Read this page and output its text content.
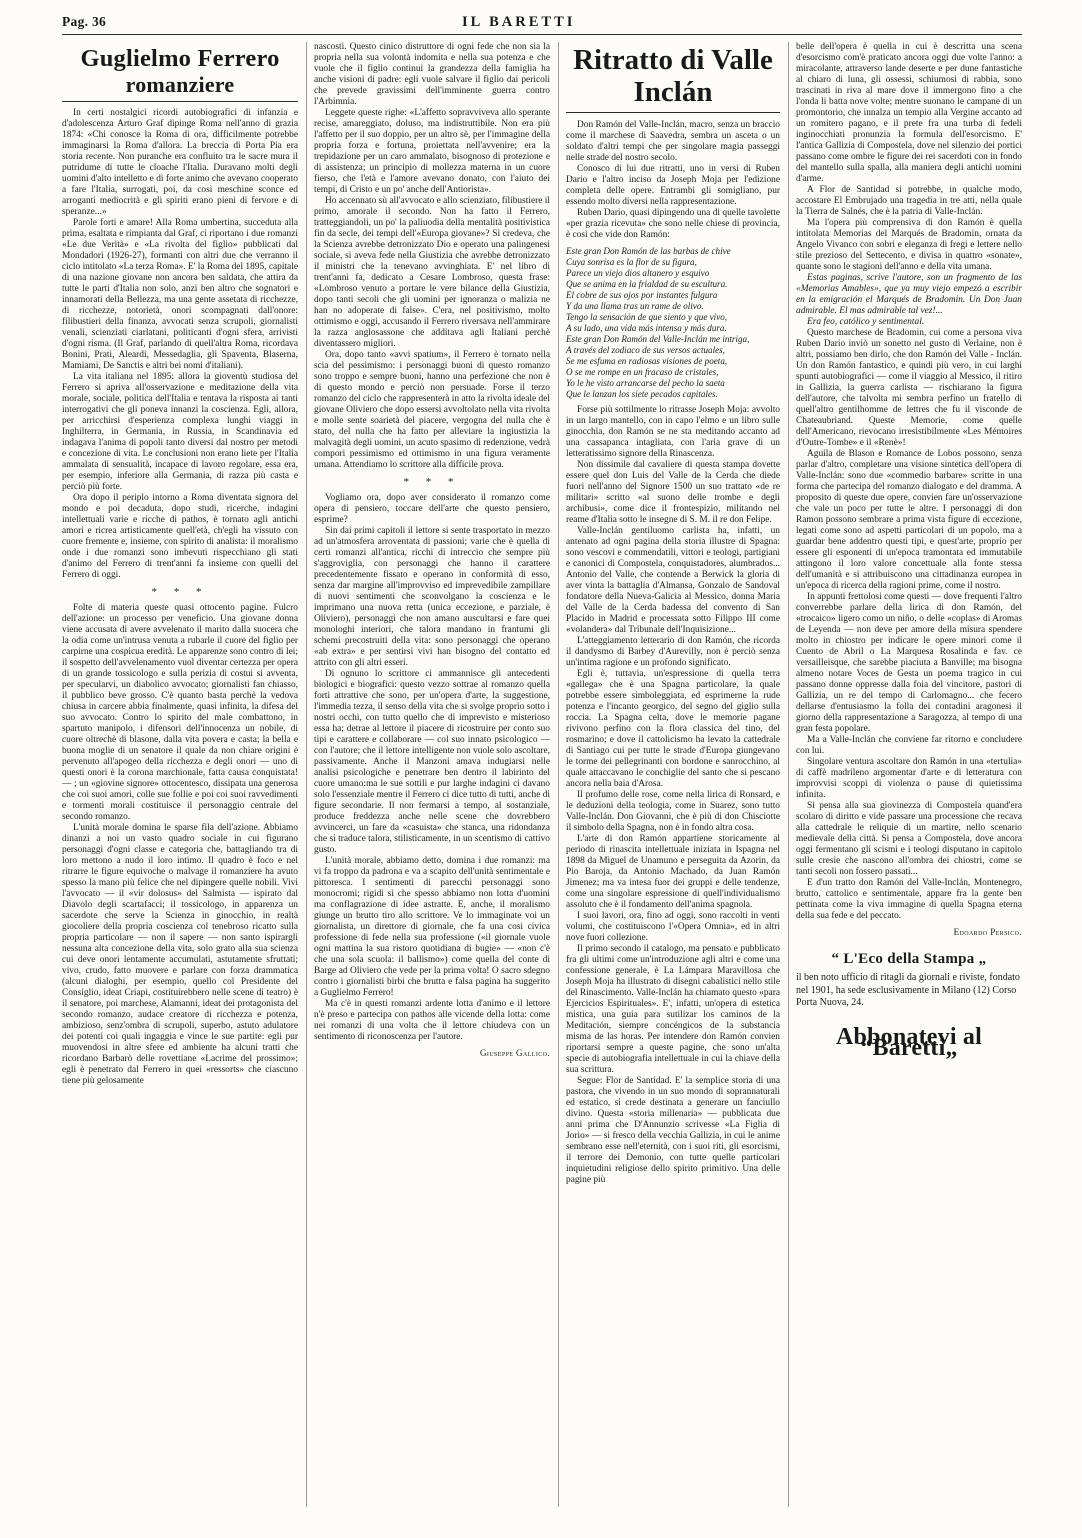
Pag. 36	IL BARETTI
Guglielmo Ferrero
romanziere

In certi nostalgici ricordi autobiografici di infanzia e d'adolescenza Arturo Graf dipinge Roma nell'anno di grazia 1874: «Chi conosce la Roma di ora, difficilmente potrebbe immaginarsi la Roma d'allora. La breccia di Porta Pia era storia recente. Non puranche era confluito tra le sacre mura il putridume di tutte le cloache l'Italia. Duravano molti degli uomini d'alto intelletto e di forte animo che avevano cooperato a fare l'Italia, surrogati, poi, da così meschine sconce ed arroganti mediocrità e gli spiriti erano pieni di fervore e di speranze...»

Parole forti e amare! Alla Roma umbertina, succeduta alla prima, esaltata e rimpianta dal Graf, ci riportano i due romanzi «Le due Verità» e «La rivolta del figlio» pubblicati dal Mondadori (1926-27), formanti con altri due che verranno il ciclo intitolato «La terza Roma». E' la Roma del 1895, capitale di una nazione giovane non ancora ben saldata, che attira da tutte le parti d'Italia non solo, anzi ben altro che sognatori e innamorati della Bellezza, ma una gente assetata di ricchezze, di ricchezze, notorietà, onori scompagnati dall'onore: filibustieri della finanza, avvocati senza scrupoli, giornalisti venali, scienziati ciarlatani, politicanti d'ogni sfera, arrivisti d'ogni risma. (Il Graf, parlando di quell'altra Roma, ricordava Bonini, Prati, Aleardi, Messedaglia, gli Spaventa, Blaserna, Mamiami, De Sanctis e altri bei nomi d'italiani).

La vita italiana nel 1895: allora la gioventù studiosa del Ferrero si apriva all'osservazione e meditazione della vita morale, sociale, politica dell'Italia e tentava la risposta ai tanti interrogativi che gli poneva innanzi la coscienza. Egli, allora, per arricchirsi d'esperienza complexa lunghi viaggi in Inghilterra, in Germania, in Russia, in Scandinavia ed indagava l'anima di popoli tanto diversi dal nostro per metodi e concezione di vita. Le conclusioni non erano liete per l'Italia ammalata di sensualità, incapace di lavoro regolare, essa era, per esempio, inferiore alla Germania, di razza più casta e perciò più forte.

Ora dopo il periplo intorno a Roma diventata signora del mondo e poi decaduta, dopo studi, ricerche, indagini intellettuali varie e ricche di pathos, è tornato agli antichi amori e ricrea artisticamente quell'età, ch'egli ha vissuto con cuore fremente e, insieme, con spirito di analista: il moralismo onde i due romanzi sono imbevuti rispecchiano gli stati d'animo del Ferrero di trent'anni fa insieme con quelli del Ferrero di oggi.

* * *

Folte di materia queste quasi ottocento pagine. Fulcro dell'azione: un processo per veneficio. Una giovane donna viene accusata di avere avvelenato il marito dalla suocera che la odia come un'intrusa venuta a rubarle il cuore del figlio per carpirne una cospicua eredità. Le apparenze sono contro di lei; il sospetto dell'avvelenamento vuol diventar certezza per opera di un grande tossicologo e sulla perizia di costui si avventa, per specularvi, un diabolico avvocato; giornalisti fan chiasso, il pubblico beve grosso. C'è quanto basta perchè la vedova chiusa in carcere abbia finalmente, quasi infinita, la difesa del suo avvocato. Contro lo spirito del male combattono, in spartuto manipolo, i difensori dell'innocenza un nobile, di cuore oltrechè di blasone, dalla vita povera e casta; la bella e buona moglie di un senatore il quale da non chiare origini è pervenuto all'apogeo della ricchezza e degli onori — uno di questi onori è la corona marchionale, fatta causa conquistata! — ; un «giovine signore» ottocentesco, dissipata una generosa che coi suoi amori, colle sue follie e poi coi suoi ravvedimenti e tormenti morali costituisce il personaggio centrale del secondo romanzo.

L'unità morale domina le sparse fila dell'azione. Abbiamo dinanzi a noi un vasto quadro sociale in cui figurano personaggi d'ogni classe e categoria che, battagliando tra di loro mettono a nudo il loro intimo. Il quadro è foco e nel ritrarre le figure equivoche o malvage il romanziere ha avuto spesso la mano più felice che nel dipingere quelle nobili. Vivi l'avvocato — il «vir dolosus» del Salmista — ispirato dal Diavolo degli scartafacci; il tossicologo, in apparenza un sacerdote che serve la Scienza in ginocchio, in realtà giocoliere della propria coscienza col tenebroso ricatto sulla propria particolare — non il sapere — non santo ispirargli nessuna alta concezione della vita, solo grato alla sua scienza cui deve onori lentamente accumulati, astutamente sfruttati; vivo, crudo, fatto muovere e parlare con forza drammatica (alcuni dialoghi, per esempio, quello col Presidente del Consiglio, ideat Criapi, costituirebbero nelle scene di teatro) è il senatore, poi marchese, Alamanni, ideat dei protagonista del secondo romanzo, audace creatore di ricchezza e potenza, ambizioso, senz'ombra di scrupoli, superbo, astuto adulatore dei potenti coi quali ingaggia e vince le sue partite: egli pur muovendosi in altre sfere ed ambiente ha alcuni tratti che ricordano Barbarò delle rovettiane «Lacrime del prossimo»; egli è penetrato dal Ferrero in quei «ressorts» che ciascuno tiene più gelosamente

nascosti. Questo cinico distruttore di ogni fede che non sia la propria nella sua volontà indomita e nella sua potenza e che vuole che il figlio continui la grandezza della famiglia ha anche visioni di padre: egli vuole salvare il figlio dai pericoli che prevede gravissimi dell'imminente guerra contro l'Arbimnia.

Leggete queste righe: «L'affetto sopravviveva allo sperante recise, amareggiato, doluso, ma indistruttibile. Non era più l'affetto per il suo doppio, per un altro sè, per l'immagine della propria forza e fortuna, proiettata nell'avvenire; era la trepidazione per un caro ammalato, bisognoso di protezione e di assistenza; un principio di mollezza materna in un cuore fierso, che l'età e l'amore avevano donato, con l'aiuto dei tempi, di Cristo e un po' anche dell'Antiorista».

Ho accennato sù all'avvocato e allo scienziato, filibustiere il primo, amorale il secondo. Non ha fatto il Ferrero, tratteggiandoli, un po' la paliuodia della mentalità positivistica fin da secle, dei tempi dell'«Europa giovane»? Sì credeva, che la Scienza avrebbe detronizzato Dio e operato una palingenesi sociale, si aveva fede nella Giustizia che avrebbe detronizzato il ministri che la tenevano avvinghiata. E' nel libro di trent'anni fa, dedicato a Cesare Lombroso, questa frase: «Lombroso venuto a portare le vere bilance della Giustizia, dopo tanti secoli che gli uomini per ignoranza o malizia ne han no adoperate di false». C'era, nel positivismo, molto ottimismo e oggi, accusando il Ferrero riversava nell'ammirare la razza anglosassone che additava agli Italiani perchè diventassero migliori.

Ora, dopo tanto «avvi spatium», il Ferrero è tornato nella scia del pessimismo: i personaggi buoni di questo romanzo sono troppo e sempre buoni, hanno una perfezione che non è di questo mondo e perciò non persuade. Forse il terzo romanzo del ciclo che rappresenterà in atto la rivolta ideale del giovane Oliviero che dopo essersi avvoltolato nella vita rivolta e molle sente soarietà del piacere, vergogna del nulla che è stato, del nulla che ha fatto per alleviare la ingiustizia la malvagità degli uomini, un acuto spasimo di redenzione, vedrà compori pessimismo ed ottimismo in una figura veramente umana. Attendiamo lo scrittore alla difficile prova.

* * *

Vogliamo ora, dopo aver considerato il romanzo come opera di pensiero, toccare dell'arte che questo pensiero, esprime?

Sin dai primi capitoli il lettore si sente trasportato in mezzo ad un'atmosfera arroventata di passioni; varie che è quella di certi romanzi all'antica, ricchi di intreccio che sempre più s'aggroviglia, con personaggi che hanno il carattere precedentemente fissato e operano in conformità di esso, senza dar margine all'improvviso ed imprevedibile zampillare di nuovi sentimenti che sconvolgano la coscienza e le imprimano una nuova retta (unica eccezione, e parziale, è Oliviero), personaggi che non amano auscultarsi e fare quei monologhi interiori, che talora mandano in frantumi gli schemi precostruiti della vita: sono personaggi che operano «ab extra» e per sentirsi vivi han bisogno del contatto ed attrito con gli altri esseri.

Di ognuno lo scrittore ci ammannisce gli antecedenti biologici e biografici: questo vezzo sottrae al romanzo quella forti attrattive che sono, per un'opera d'arte, la suggestione, l'immedia tezza, il senso della vita che si svolge proprio sotto i nostri occhi, con tutto quello che di imprevisto e misterioso essa ha; detrae al lettore il piacere di ricostruire per conto suo tipi e carattere e collaborare — col suo innato psicologico — con l'autore; che il lettore intelligente non vuole solo ascoltare, passivamente. Anche il Manzoni amava indugiarsi nelle analisi psicologiche e penetrare ben dentro il labirinto del cuore umano:ma le sue sottili e pur larghe indagini ci davano solo l'essenziale mentre il Ferrero ci dice tutto di tutti, anche di figure secondarie. Il non fermarsi a tempo, al sostanziale, produce freddezza anche nelle scene che dovrebbero avvincerci, un fare da «casuista» che stanca, una ridondanza che si traduce talora, stilisticamente, in un scentismo di cattivo gusto.

L'unità morale, abbiamo detto, domina i due romanzi: ma vi fa troppo da padrona e va a scapito dell'unità sentimentale e pittoresca. I sentimenti di parecchi personaggi sono monocromi; rigidi sì che spesso abbiamo non lotta d'uomini ma conflagrazione di idee astratte. E, anche, il moralismo giunge un brutto tiro allo scrittore. Ve lo immaginate voi un giornalista, un direttore di giornale, che fa una cosi civica professione di fede nella sua professione («il giornale vuole ogni mattina la sua ristoro quotidiana di bugie» — «non c'è che una sola scuola: il ballismo») come quella del conte di Barge ad Oliviero che vede per la prima volta! O sacro sdegno contro i giornalisti birbi che brutta e falsa pagina ha suggerito a Guglielmo Ferrero!

Ma c'è in questi romanzi ardente lotta d'animo e il lettore n'è preso e partecipa con pathos alle vicende della lotta: come nei romanzi di una volta che il lettore chiudeva con un sentimento di riconoscenza per l'autore.

Giuseppe Gallico.
Ritratto di Valle Inclán

Don Ramón del Valle-Inclán, macro, senza un braccio come il marchese di Saavedra, sembra un asceta o un soldato d'altri tempi che per singolare magia passeggi nelle strade del nostro secolo.

Conosco di lui due ritratti, uno in versi di Ruben Dario e l'altro inciso da Joseph Moja per l'edizione completa delle opere. Entrambi gli somigliano, pur essendo molto diversi nella rappresentazione.

Ruben Dario, quasi dipingendo una di quelle tavolette «per grazia ricevuta» che sono nelle chiese di provincia, è così che vide don Ramón:

Este gran Don Ramón de las barbas de chive
Cuya sonrisa es la flor de su figura,
Parece un viejo dios altanero y esquivo
Que se anima en la frialdad de su escultura.
El cobre de sus ojos por instantes fulgura
Y da una llama tras un rame de olivo.
Tengo la sensación de que siento y que vivo,
A su lado, una vida más intensa y más dura.
Este gran Don Ramón del Valle-Inclán me intriga,
A través del zodiaco de sus versos actuales,
Se me esfuma en radiosas visiones de poeta,
O se me rompe en un fracaso de cristales,
Yo le he visto arrancarse del pecho la saeta
Que le lanzan los siete pecados capitales.

Forse più sottilmente lo ritrasse Joseph Moja: avvolto in un largo mantello, con in capo l'elmo e un libro sulle ginocchia, don Ramón se ne sta meditando accanto ad una cassapanca intagliata, con l'aria grave di un letteratissimo signore della Rinascenza.

Non dissimile dal cavaliere di questa stampa dovette essere quel don Luis del Valle de la Cerda che diede fuori nell'anno del Signore 1500 un suo trattato «de re militari» scritto «al suono delle trombe e degli archibusi», come dice il frontespizio, militando nel reame d'Italia sotto le insegne di S. M. il re don Felipe.

Valle-Inclán gentiluomo carlista ha, infatti, un antenato ad ogni pagina della storia illustre di Spagna: sono vescovi e commendatili, vittori e teologi, partigiani e canonici di Compostela, conquistadores, alumbrados... Antonio del Valle, che contende a Berwick la gloria di aver vinta la battaglia d'Almansa, Gonzalo de Sandoval fondatore della Nueva-Galicia al Messico, donna Maria del Valle de la Cerda badessa del convento di San Placido in Madrid e processata sotto Filippo III come «volandera» dal Tribunale dell'Inquisizione...

L'atteggiamento letterario di don Ramón, che ricorda il dandysmo di Barbey d'Aurevilly, non è perciò senza un'intima ragione e un profondo significato.

Egli è, tuttavia, un'espressione di quella terra «gallega» che è una Spagna particolare, la quale potrebbe essere simboleggiata, ed esprimerne la rude potenza e l'incanto georgico, del segno del giglio sulla roccia. La Spagna celta, dove le memorie pagane rivivono perfino con la flora classica del tino, del rosmarino; e dove il cattolicismo ha levato la cattedrale di Santiago cui per tutte le strade d'Europa giungevano le torme dei pellegrinanti con bordone e sanrocchino, al quale attaccavano le conchiglie del santo che si pescano ancora nella baia d'Arosa.

Il profumo delle rose, come nella lirica di Ronsard, e le deduzioni della teologia, come in Suarez, sono tutto Valle-Inclán. Don Giovanni, che è più di don Chisciotte il simbolo della Spagna, non è in fondo altra cosa.

L'arte di don Ramón appartiene storicamente al periodo di rinascita intellettuale iniziata in Ispagna nel 1898 da Miguel de Unamuno e perseguita da Azorin, da Pio Baroja, da Antonio Machado, da Juan Ramón Jimenez; ma va intesa fuor dei gruppi e delle tendenze, come una singolare espressione di quell'individualismo assoluto che è il fondamento dell'anima spagnola.

I suoi lavori, ora, fino ad oggi, sono raccolti in venti volumi, che costituiscono l'«Opera Omnia», ed in altri nove fuori collezione.

Il primo secondo il catalogo, ma pensato e pubblicato fra gli ultimi come un'introduzione agli altri e come una confessione generale, è La Lámpara Maravillosa che Joseph Moja ha illustrato di disegni cabalistici nello stile del Rinascimento. Valle-Inclán ha chiamato questo «para Ejercicios Espirituales». E', infatti, un'opera di estetica mistica, una guía para sutilizar los caminos de la Meditación, siempre concéngicos de la substancia misma de las horas. Per intendere don Ramón convien riportarsi sempre a queste pagine, che sono un'alta specie di autobiografia intellettuale in cui la chiave della sua scrittura.

Segue: Flor de Santidad. E' la semplice storia di una pastora, che vivendo in un suo mondo di soprannaturali ed estatico, si crede destinata a generare un fanciullo divino. Questa «storia millenaria» — pubblicata due anni prima che D'Annunzio scrivesse «La Figlia di Jorio» — si fresco della vecchia Gallizia, in cui le anime sembrano esse nell'eternità, con i suoi riti, gli esorcismi, il terrore dei Demonio, con tutte quelle particolari inquietudini religiose dello spirito primitivo. Una delle pagine più

belle dell'opera è quella in cui è descritta una scena d'esorcismo com'è praticato ancora oggi due volte l'anno: a miracolante, attraverso lande deserte e per dune fantastiche al chiaro di luna, gli ossessi, schiumosi di rabbia, sono trascinati in riva al mare dove il immergono fino a che l'onda li batta nove volte; mentre suonano le campane di un promontorio, che innalza un tempio alla Vergine accanto ad un romitero pagano, e il prete fra una turba di fedeli inginocchiati pronunzia la formula dell'esorcismo. E' l'antica Gallizia di Compostela, dove nel silenzio dei portici passano come ombre le figure dei rei sacerdoti con in fondo del mantello sulla spalla, alla maniera degli antichi uomini d'arme.

A Flor de Santidad si potrebbe, in qualche modo, accostare El Embrujado una tragedia in tre atti, nella quale la Tierra de Salnés, che è la patria di Valle-Inclán.

Ma l'opera più comprensiva di don Ramón è quella intitolata Memorias del Marqués de Bradomin, ornata da Angelo Vivanco con sobri e eleganza di fregi e lettere nello stile prezioso del Settecento, e divisa in quattro «sonate», quante sono le stagioni dell'anno e della vita umana.

Estas paginas, scrive l'autore, son un fragmento de las «Memorias Amables», que ya muy viejo empezó a escribir en la emigración el Marqués de Bradomin. Un Don Juan admirable. El mas admirable tal vez!...

Era feo, católico y sentimental.

Questo marchese de Bradomin, cui come a persona viva Ruben Dario inviò un sonetto nel gusto di Verlaine, non è altri, possiamo ben dirlo, che don Ramón del Valle - Inclán. Un don Ramón fantastico, e quindi più vero, in cui larghi spunti autobiografici — come il viaggio al Messico, il ritiro in Gallizia, la guerra carlista — rischiarano la figura dell'autore, che talvolta mi sembra perfino un fratello di quell'altro gentilhomme de lettres che fu il visconde de Chateaubriand. Queste Memorie, come quelle dell'Americano, rievocano irresistibilmente «Les Mémoires d'Outre-Tombe» e il «Renè»!

Aguila de Blason e Romance de Lobos possono, senza parlar d'altro, completare una visione sintetica dell'opera di Valle-Inclán: sono due «commedio barbare» scritte in una forma che partecipa del romanzo dialogato e del dramma. A proposito di queste due opere, convien fare un'osservazione che vale un poco per tutte le altre. I personaggi di don Ramon possono sembrare a prima vista figure di eccezione, legati come sono ad aspetti particolari di un popolo, ma a guardar bene addentro questi tipi, e quest'arte, proprio per essere gli esponenti di un'epoca tramontata ed immutabile attingono il loro valore concettuale alla fonte stessa dell'umanità e si attribuiscono una cittadinanza europea in un'epoca di ricerca della ragioni prime, come il nostro.

In appunti frettolosi come questi — dove frequenti l'altro converrebbe parlare della lirica di don Ramón, del «trocaico» ligero como un niño, o delle «coplas» di Aromas de Leyenda — non deve per amore della misura spendere molto in chiostro per indicare le opere minori come il Cuento de Abril o La Marquesa Rosalinda e fav. ce versailleisque, che sarebbe piaciuta a Banville; ma bisogna almeno notare Voces de Gesta un poema tragico in cui passano donne oppresse dalla foia del vincitore, pastori di Gallizia, un re del tempo di Carlomagno... che fecero dellarse d'entusiasmo la folla dei contadini aragonesi il giorno della rappresentazione a Saragozza, al tempo di una gran festa popolare.

Ma a Valle-Inclán che conviene far ritorno e concludere con lui.

Singolare ventura ascoltare don Ramón in una «tertulia» di caffè madrileno argomentar d'arte e di letteratura con improvvisi scoppi di violenza o pause di quietissima infinita.

Si pensa alla sua giovinezza di Compostela quand'era scolaro di diritto e vide passare una processione che recava alla cattedrale le reliquie di un martire, nello scenario medievale della città. Si pensa a Compostela, dove ancora oggi fermentano gli scismi e i teologi disputano in capitolo sulle cresie che nascono all'ombra dei chiostri, come se tanti secoli non fossero passati...

E d'un tratto don Ramón del Valle-Inclán, Montenegro, brutto, cattolico e sentimentale, appare fra la gente ben pettinata come la viva immagine di quella Spagna eterna della sua fede e del peccato.

Edoardo Persico.
“ L'Eco della Stampa „
il ben noto ufficio di ritagli da giornali e riviste, fondato nel 1901, ha sede esclusivamente in Milano (12) Corso Porta Nuova, 24.
Abbonatevi al “Baretti„
